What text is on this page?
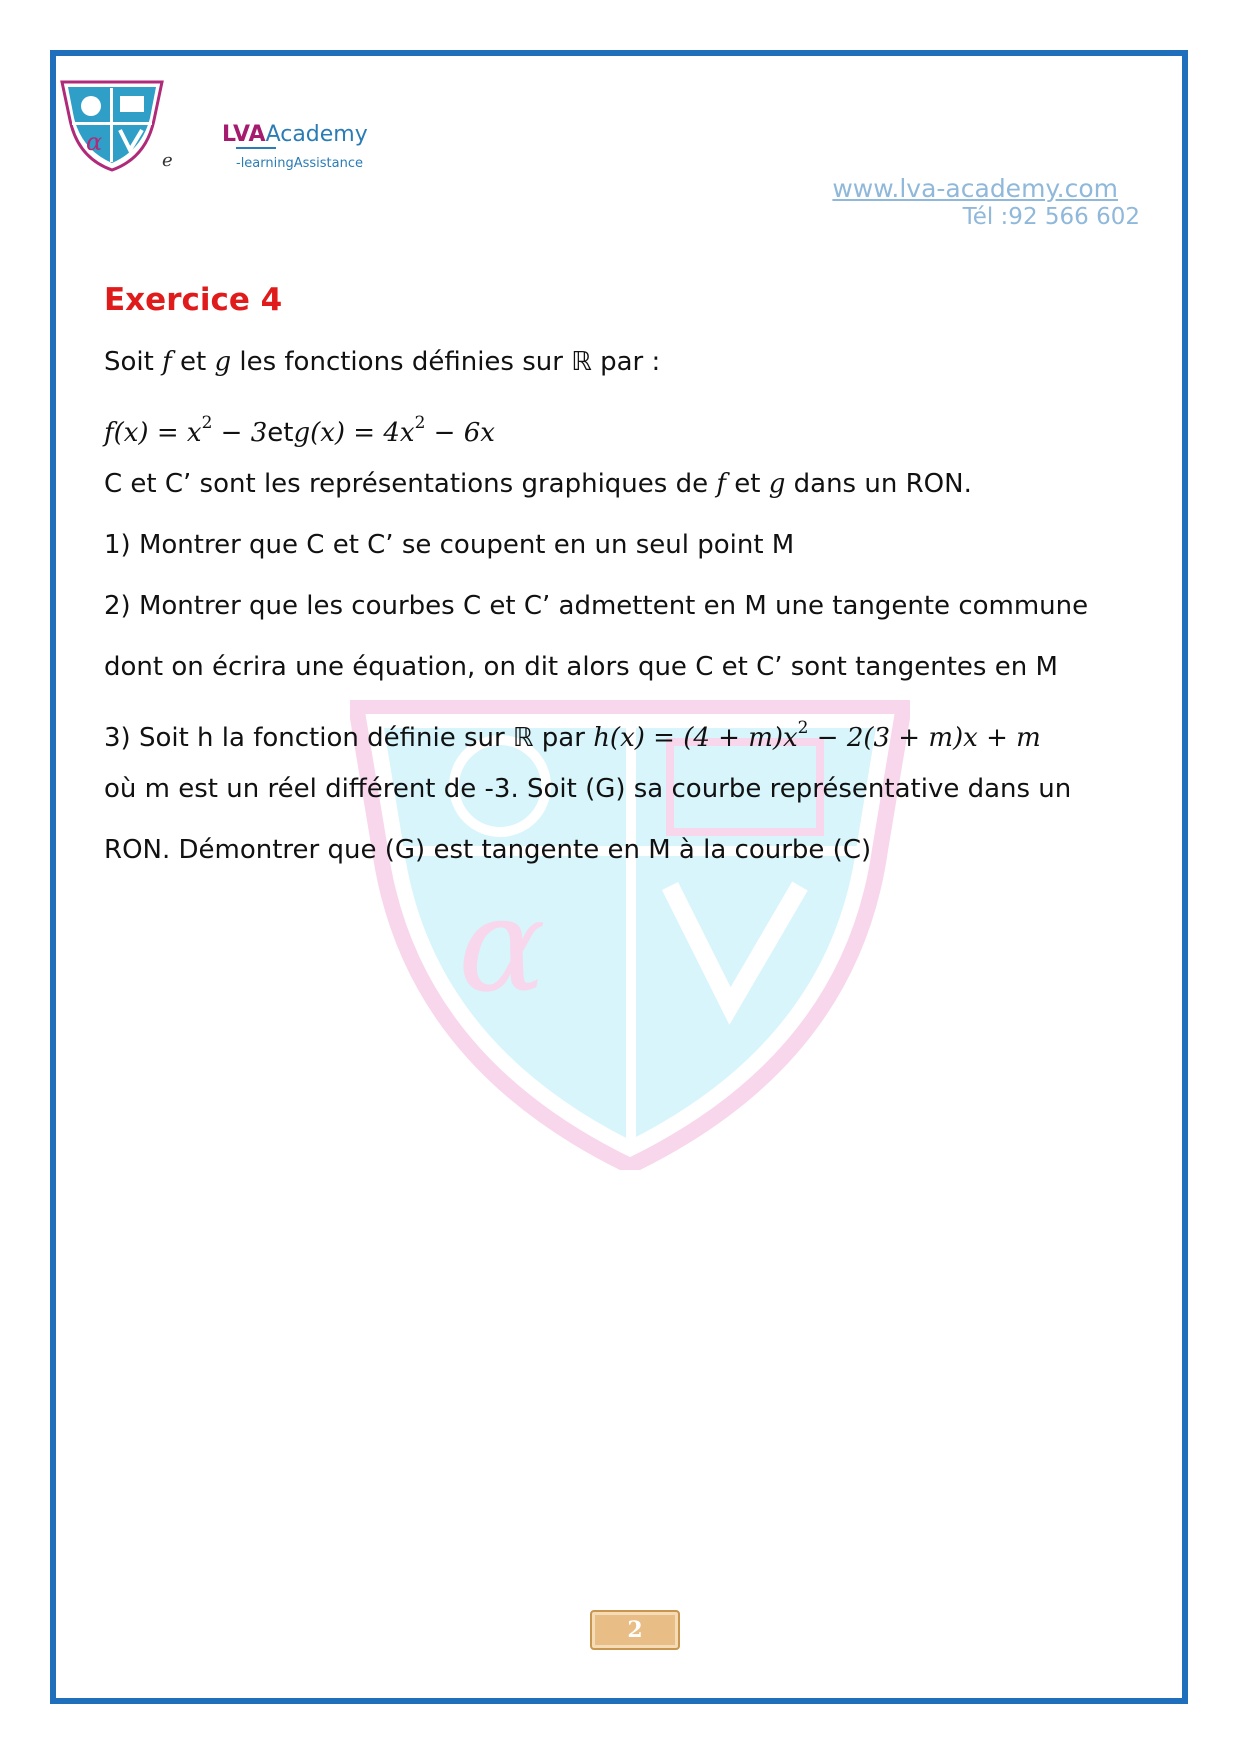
α
e
LVAAcademy
-learningAssistance
www.lva-academy.com
Tél :92 566 602
α
Exercice 4
Soit f et g les fonctions définies sur ℝ par :
$f(x) = x^2 - 3etg(x) = 4x^2 - 6x$
C et C’ sont les représentations graphiques de f et g dans un RON.
1) Montrer que C et C’ se coupent en un seul point M
2) Montrer que les courbes C et C’ admettent en M une tangente commune
dont on écrira une équation, on dit alors que C et C’ sont tangentes en M
3) Soit h la fonction définie sur ℝ par $h(x) = (4 + m)x^2 - 2(3 + m)x + m$
où m est un réel différent de -3. Soit (G) sa courbe représentative dans un
RON. Démontrer que (G) est tangente en M à la courbe (C)
2
